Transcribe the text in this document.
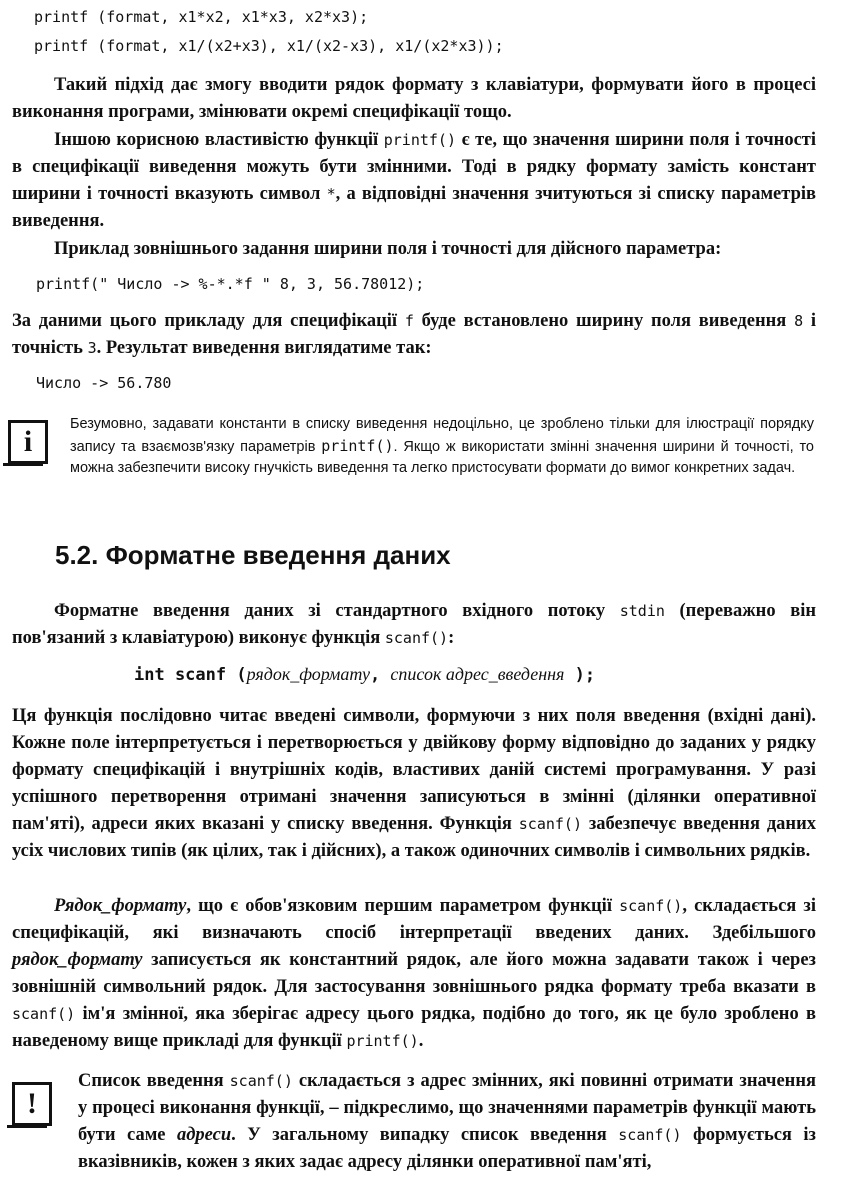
printf (format, x1*x2, x1*x3, x2*x3);
printf (format, x1/(x2+x3), x1/(x2-x3), x1/(x2*x3));

Такий підхід дає змогу вводити рядок формату з клавіатури, формувати його в процесі виконання програми, змінювати окремі специфікації тощо.

Іншою корисною властивістю функції printf() є те, що значення ширини поля і точності в специфікації виведення можуть бути змінними. Тоді в рядку формату замість констант ширини і точності вказують символ *, а відповідні значення зчитуються зі списку параметрів виведення.

Приклад зовнішнього задання ширини поля і точності для дійсного параметра:

printf(" Число -> %-*.*f " 8, 3, 56.78012);

За даними цього прикладу для специфікації f буде встановлено ширину поля виведення 8 і точність 3. Результат виведення виглядатиме так:

Число -> 56.780
i

Безумовно, задавати константи в списку виведення недоцільно, це зроблено тільки для ілюстрації порядку запису та взаємозв'язку параметрів printf(). Якщо ж використати змінні значення ширини й точності, то можна забезпечити високу гнучкість виведення та легко пристосувати формати до вимог конкретних задач.

5.2. Форматне введення даних

Форматне введення даних зі стандартного вхідного потоку stdin (переважно він пов'язаний з клавіатурою) виконує функція scanf():

int scanf (рядок_формату, список адрес_введення );

Ця функція послідовно читає введені символи, формуючи з них поля введення (вхідні дані). Кожне поле інтерпретується і перетворюється у двійкову форму відповідно до заданих у рядку формату специфікацій і внутрішніх кодів, властивих даній системі програмування. У разі успішного перетворення отримані значення записуються в змінні (ділянки оперативної пам'яті), адреси яких вказані у списку введення. Функція scanf() забезпечує введення даних усіх числових типів (як цілих, так і дійсних), а також одиночних символів і символьних рядків.

Рядок_формату, що є обов'язковим першим параметром функції scanf(), складається зі специфікацій, які визначають спосіб інтерпретації введених даних. Здебільшого рядок_формату записується як константний рядок, але його можна задавати також і через зовнішній символьний рядок. Для застосування зовнішнього рядка формату треба вказати в scanf() ім'я змінної, яка зберігає адресу цього рядка, подібно до того, як це було зроблено в наведеному вище прикладі для функції printf().

!

Список введення scanf() складається з адрес змінних, які повинні отримати значення у процесі виконання функції, – підкреслимо, що значеннями параметрів функції мають бути саме адреси. У загальному випадку список введення scanf() формується із вказівників, кожен з яких задає адресу ділянки оперативної пам'яті,
